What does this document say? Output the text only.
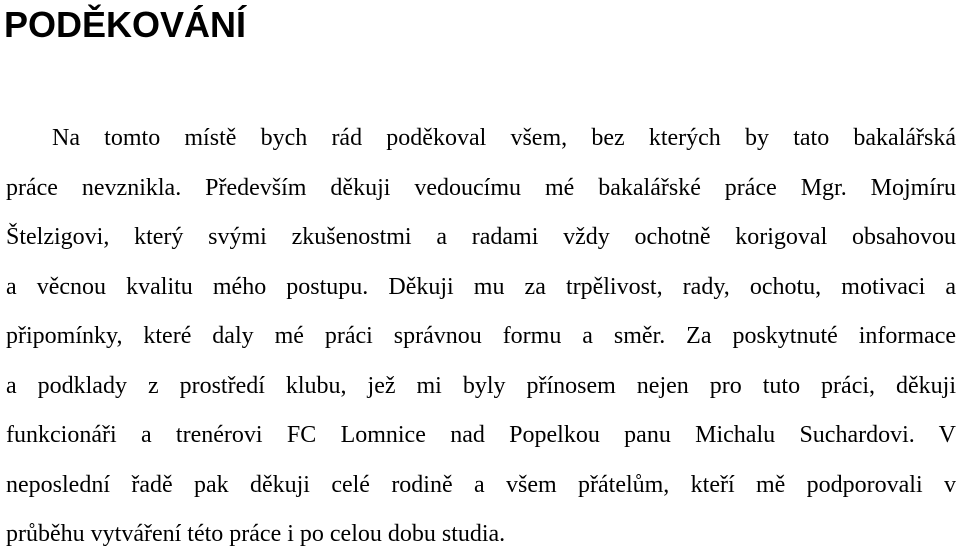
PODĚKOVÁNÍ
Na tomto místě bych rád poděkoval všem, bez kterých by tato bakalářská
práce nevznikla. Především děkuji vedoucímu mé bakalářské práce Mgr. Mojmíru
Štelzigovi, který svými zkušenostmi a radami vždy ochotně korigoval obsahovou
a věcnou kvalitu mého postupu. Děkuji mu za trpělivost, rady, ochotu, motivaci a
připomínky, které daly mé práci správnou formu a směr. Za poskytnuté informace
a podklady z prostředí klubu, jež mi byly přínosem nejen pro tuto práci, děkuji
funkcionáři a trenérovi FC Lomnice nad Popelkou panu Michalu Suchardovi. V
neposlední řadě pak děkuji celé rodině a všem přátelům, kteří mě podporovali v
průběhu vytváření této práce i po celou dobu studia.
